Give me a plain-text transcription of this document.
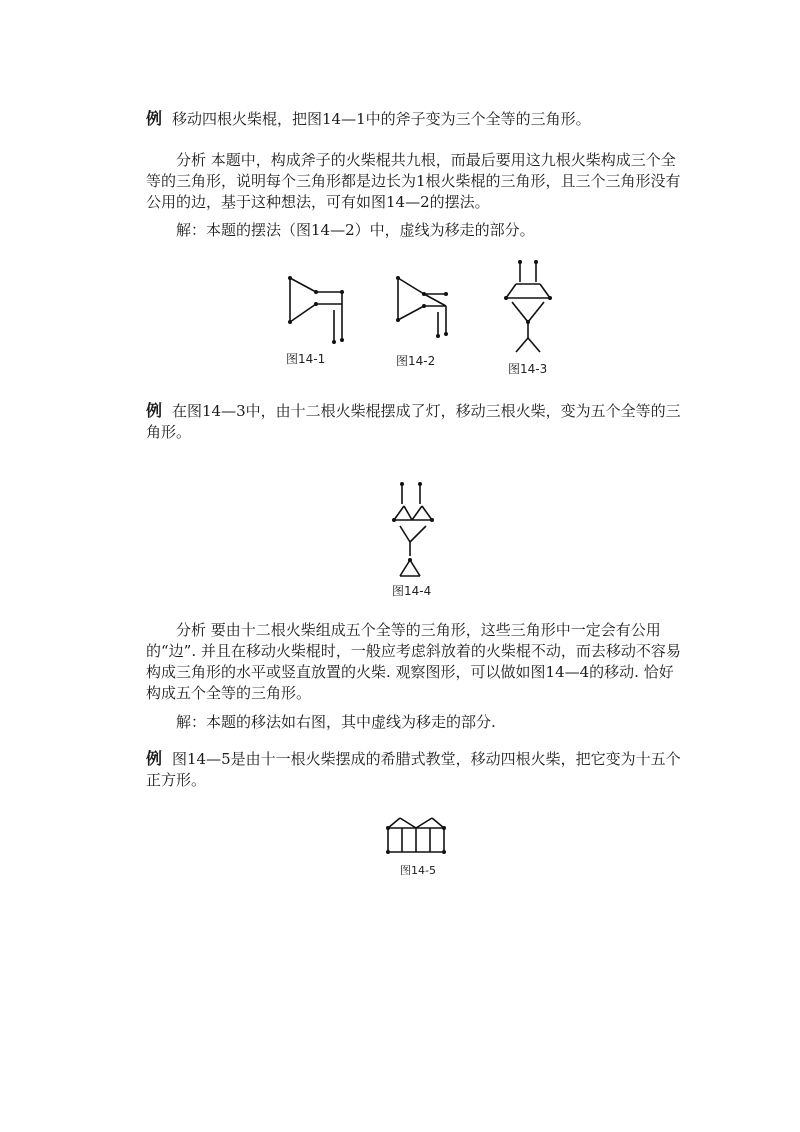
例 移动四根火柴棍，把图14—1中的斧子变为三个全等的三角形。
分析 本题中，构成斧子的火柴棍共九根，而最后要用这九根火柴构成三个全等的三角形，说明每个三角形都是边长为1根火柴棍的三角形，且三个三角形没有公用的边，基于这种想法，可有如图14—2的摆法。
解：本题的摆法（图14—2）中，虚线为移走的部分。
图14-1	图14-2
图14-3
例 在图14—3中，由十二根火柴棍摆成了灯，移动三根火柴，变为五个全等的三角形。
图14-4
分析 要由十二根火柴组成五个全等的三角形，这些三角形中一定会有公用的“边”. 并且在移动火柴棍时，一般应考虑斜放着的火柴棍不动，而去移动不容易构成三角形的水平或竖直放置的火柴. 观察图形，可以做如图14—4的移动. 恰好构成五个全等的三角形。
解：本题的移法如右图，其中虚线为移走的部分.
例 图14—5是由十一根火柴摆成的希腊式教堂，移动四根火柴，把它变为十五个正方形。
图14-5
